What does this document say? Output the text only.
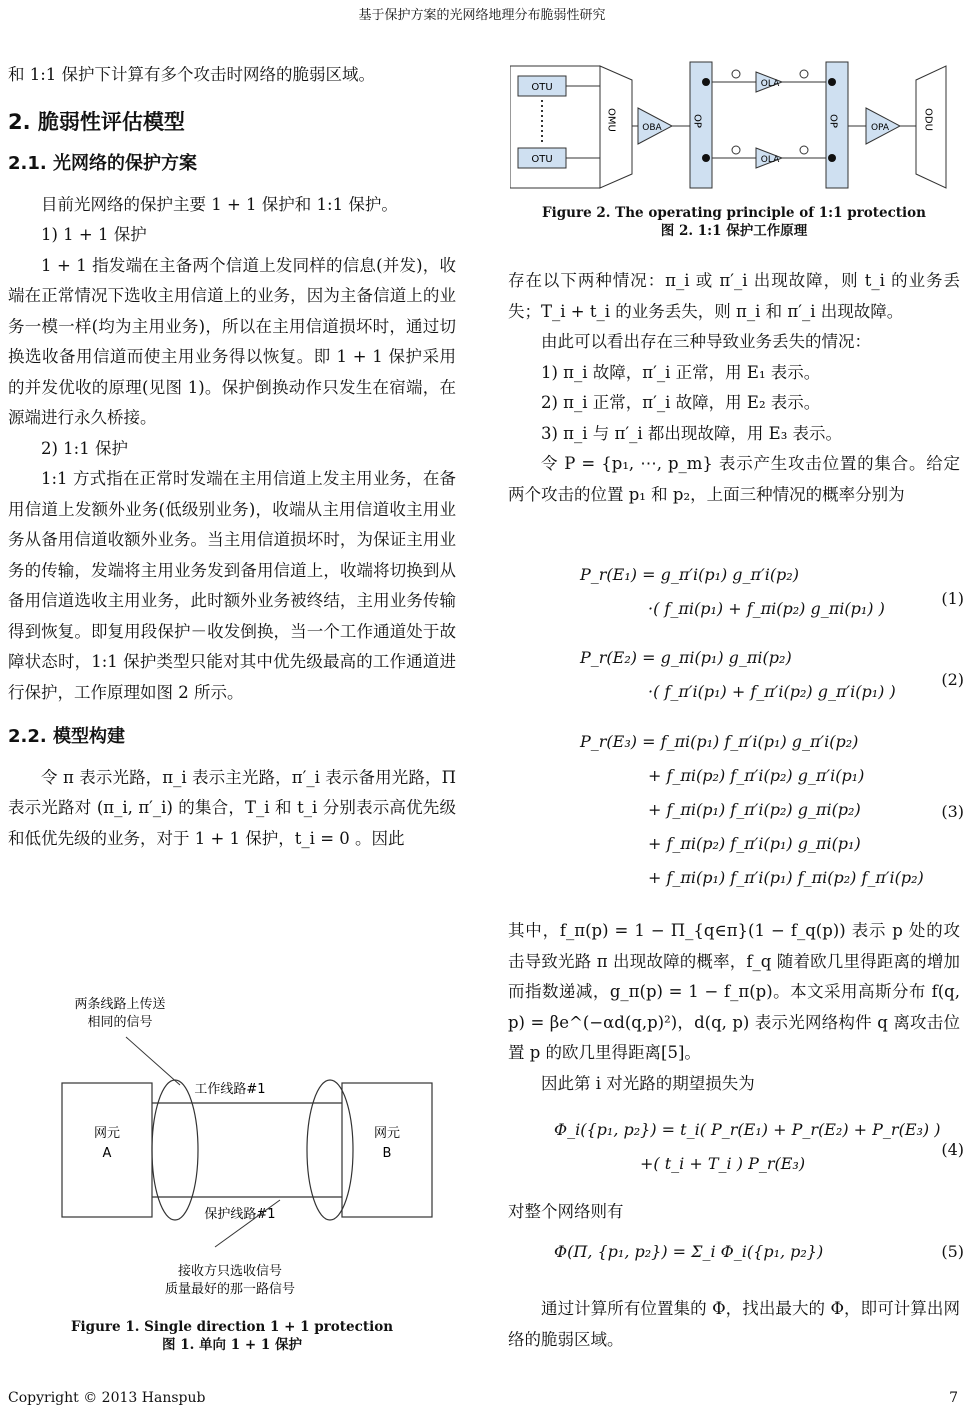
基于保护方案的光网络地理分布脆弱性研究

和 1:1 保护下计算有多个攻击时网络的脆弱区域。

2. 脆弱性评估模型

2.1. 光网络的保护方案

目前光网络的保护主要 1 + 1 保护和 1:1 保护。

1) 1 + 1 保护

1 + 1 指发端在主备两个信道上发同样的信息(并发)，收端在正常情况下选收主用信道上的业务，因为主备信道上的业务一模一样(均为主用业务)，所以在主用信道损坏时，通过切换选收备用信道而使主用业务得以恢复。即 1 + 1 保护采用的并发优收的原理(见图 1)。保护倒换动作只发生在宿端，在源端进行永久桥接。

2) 1:1 保护

1:1 方式指在正常时发端在主用信道上发主用业务，在备用信道上发额外业务(低级别业务)，收端从主用信道收主用业务从备用信道收额外业务。当主用信道损坏时，为保证主用业务的传输，发端将主用业务发到备用信道上，收端将切换到从备用信道选收主用业务，此时额外业务被终结，主用业务传输得到恢复。即复用段保护－收发倒换，当一个工作通道处于故障状态时，1:1 保护类型只能对其中优先级最高的工作通道进行保护，工作原理如图 2 所示。

2.2. 模型构建

令 π 表示光路，π_i 表示主光路，π′_i 表示备用光路，Π 表示光路对 (π_i, π′_i) 的集合，T_i 和 t_i 分别表示高优先级和低优先级的业务，对于 1 + 1 保护，t_i = 0 。因此

网元
A
网元
B
工作线路#1
保护线路#1
两条线路上传送
相同的信号
接收方只选收信号
质量最好的那一路信号
Figure 1. Single direction 1 + 1 protection
图 1. 单向 1 + 1 保护
OTU
OTU
OMU	OBA
OP
OLA
OLA
OP
OPA	ODU
Figure 2. The operating principle of 1:1 protection
图 2. 1:1 保护工作原理

存在以下两种情况：π_i 或 π′_i 出现故障，则 t_i 的业务丢失；T_i + t_i 的业务丢失，则 π_i 和 π′_i 出现故障。

由此可以看出存在三种导致业务丢失的情况：

1) π_i 故障，π′_i 正常，用 E₁ 表示。

2) π_i 正常，π′_i 故障，用 E₂ 表示。

3) π_i 与 π′_i 都出现故障，用 E₃ 表示。

令 P = {p₁, ⋯, p_m} 表示产生攻击位置的集合。给定两个攻击的位置 p₁ 和 p₂，上面三种情况的概率分别为

P_r(E₁) = g_π′i(p₁) g_π′i(p₂)
·( f_πi(p₁) + f_πi(p₂) g_πi(p₁) )
(1)
P_r(E₂) = g_πi(p₁) g_πi(p₂)
·( f_π′i(p₁) + f_π′i(p₂) g_π′i(p₁) )
(2)
P_r(E₃) = f_πi(p₁) f_π′i(p₁) g_π′i(p₂)
+ f_πi(p₂) f_π′i(p₂) g_π′i(p₁)
+ f_πi(p₁) f_π′i(p₂) g_πi(p₂)
+ f_πi(p₂) f_π′i(p₁) g_πi(p₁)
+ f_πi(p₁) f_π′i(p₁) f_πi(p₂) f_π′i(p₂)
(3)

其中，f_π(p) = 1 − Π_{q∈π}(1 − f_q(p)) 表示 p 处的攻击导致光路 π 出现故障的概率，f_q 随着欧几里得距离的增加而指数递减，g_π(p) = 1 − f_π(p)。本文采用高斯分布 f(q, p) = βe^(−αd(q,p)²)，d(q, p) 表示光网络构件 q 离攻击位置 p 的欧几里得距离[5]。

因此第 i 对光路的期望损失为

Φ_i({p₁, p₂}) = t_i( P_r(E₁) + P_r(E₂) + P_r(E₃) )
+( t_i + T_i ) P_r(E₃)
(4)

对整个网络则有

Φ(Π, {p₁, p₂}) = Σ_i Φ_i({p₁, p₂})	(5)

通过计算所有位置集的 Φ，找出最大的 Φ，即可计算出网络的脆弱区域。

Copyright © 2013 Hanspub	7
